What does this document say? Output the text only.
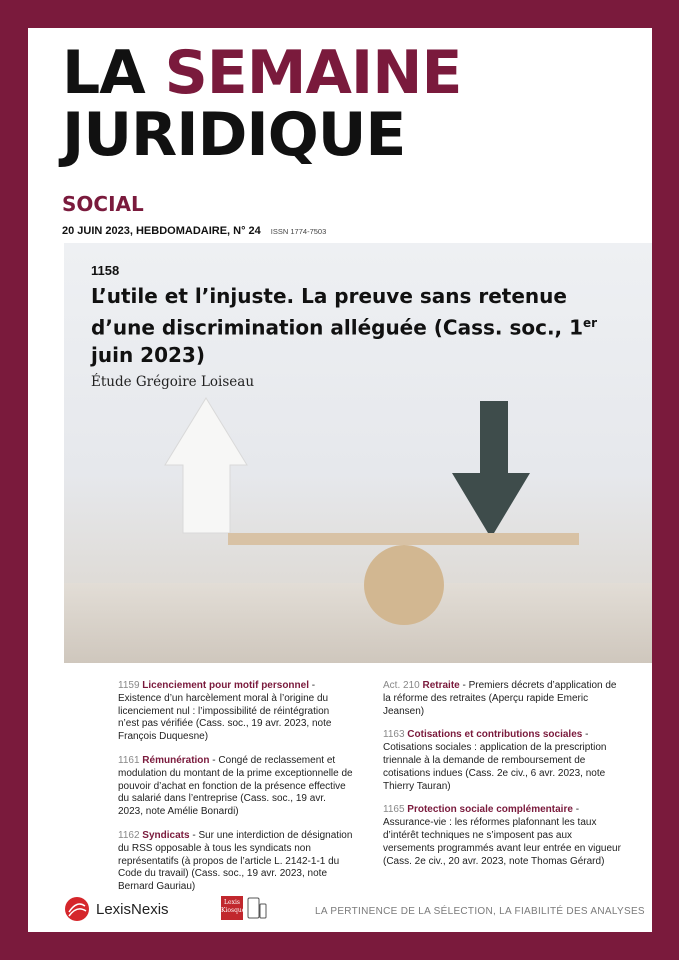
LA SEMAINE
JURIDIQUE
SOCIAL
20 JUIN 2023, HEBDOMADAIRE, N° 24 ISSN 1774-7503
1158
L’utile et l’injuste. La preuve sans retenue d’une discrimination alléguée (Cass. soc., 1er juin 2023)
Étude Grégoire Loiseau
1159 Licenciement pour motif personnel - Existence d’un harcèlement moral à l’origine du licenciement nul : l’impossibilité de réintégration n’est pas vérifiée (Cass. soc., 19 avr. 2023, note François Duquesne)
1161 Rémunération - Congé de reclassement et modulation du montant de la prime exceptionnelle de pouvoir d’achat en fonction de la présence effective du salarié dans l’entreprise (Cass. soc., 19 avr. 2023, note Amélie Bonardi)
1162 Syndicats - Sur une interdiction de désignation du RSS opposable à tous les syndicats non représentatifs (à propos de l’article L. 2142-1-1 du Code du travail) (Cass. soc., 19 avr. 2023, note Bernard Gauriau)
Act. 210 Retraite - Premiers décrets d’application de la réforme des retraites (Aperçu rapide Emeric Jeansen)
1163 Cotisations et contributions sociales - Cotisations sociales : application de la prescription triennale à la demande de remboursement de cotisations indues (Cass. 2e civ., 6 avr. 2023, note Thierry Tauran)
1165 Protection sociale complémentaire - Assurance-vie : les réformes plafonnant les taux d’intérêt techniques ne s’imposent pas aux versements programmés avant leur entrée en vigueur (Cass. 2e civ., 20 avr. 2023, note Thomas Gérard)
LexisNexis	Lexis Kiosque	LA PERTINENCE DE LA SÉLECTION, LA FIABILITÉ DES ANALYSES
